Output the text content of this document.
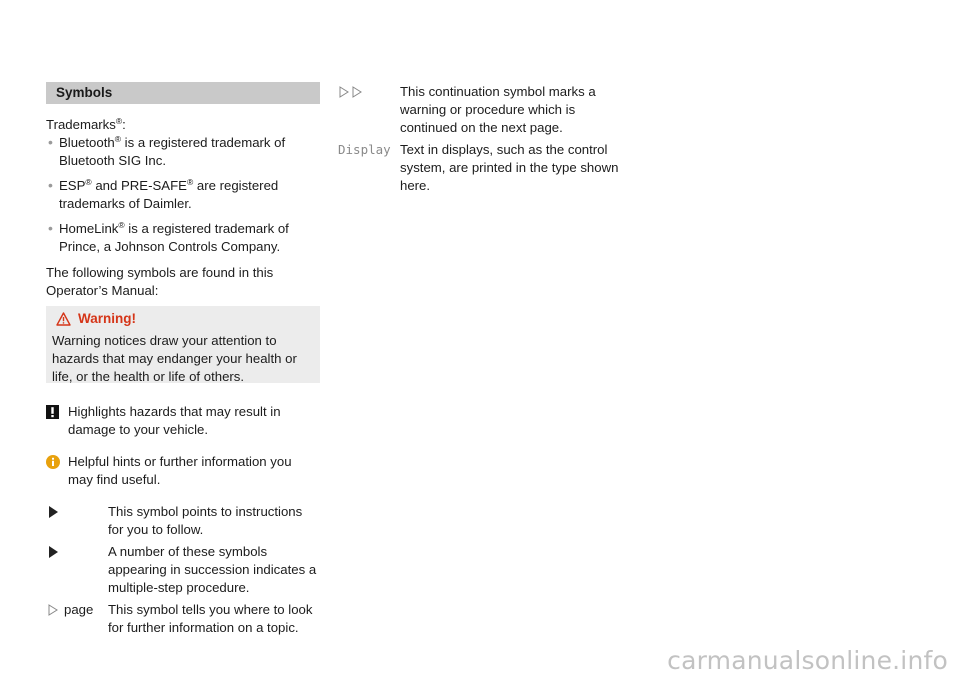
Symbols

Trademarks®:

• Bluetooth® is a registered trademark of Bluetooth SIG Inc.
• ESP® and PRE-SAFE® are registered trademarks of Daimler.
• HomeLink® is a registered trademark of Prince, a Johnson Controls Company.

The following symbols are found in this Operator’s Manual:

Warning!
Warning notices draw your attention to hazards that may endanger your health or life, or the health or life of others.
Highlights hazards that may result in damage to your vehicle.
Helpful hints or further information you may find useful.
This symbol points to instructions for you to follow.
A number of these symbols appearing in succession indicates a multiple-step procedure.
page This symbol tells you where to look for further information on a topic.
This continuation symbol marks a warning or procedure which is continued on the next page.
Display Text in displays, such as the control system, are printed in the type shown here.
carmanualsonline.info
